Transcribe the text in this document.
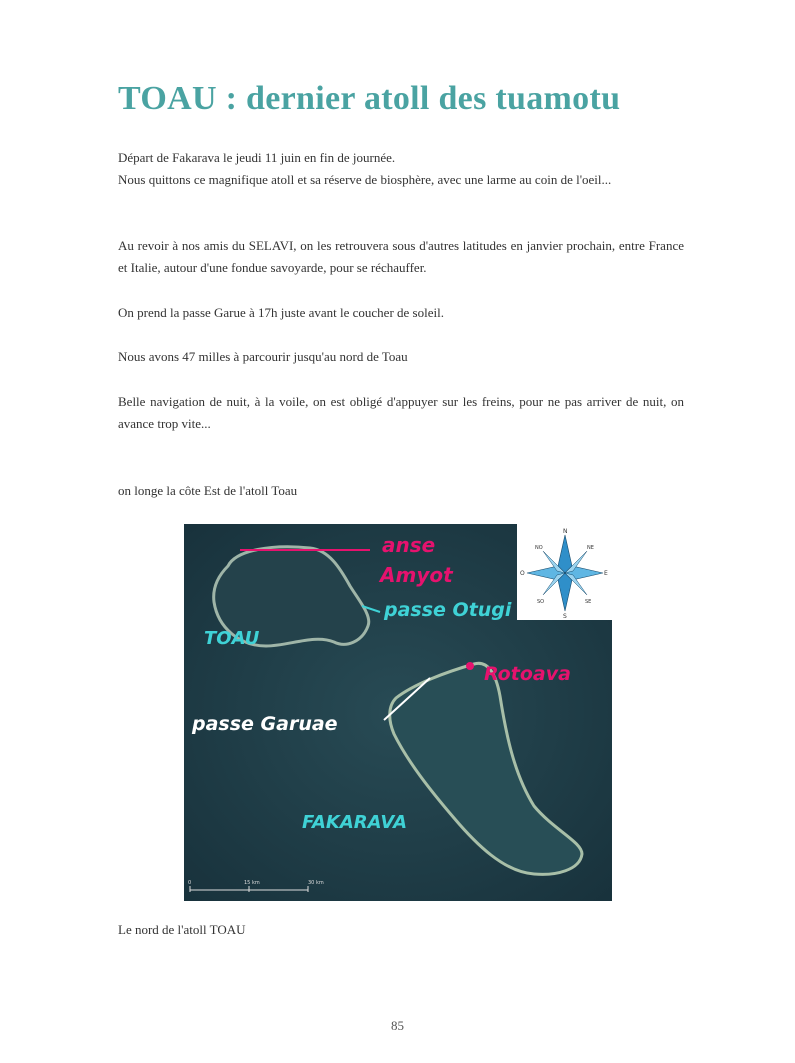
TOAU : dernier atoll des tuamotu

Départ de Fakarava le jeudi 11 juin en fin de journée.

Nous quittons ce magnifique atoll et sa réserve de biosphère, avec une larme au coin de l'oeil...

Au revoir à nos amis du SELAVI, on les retrouvera sous d'autres latitudes en janvier prochain, entre France et Italie, autour d'une fondue savoyarde, pour se réchauffer.

On prend la passe Garue à 17h juste avant le coucher de soleil.

Nous avons 47 milles à parcourir jusqu'au nord de Toau

Belle navigation de nuit, à la voile, on est obligé d'appuyer sur les freins, pour ne pas arriver de nuit, on avance trop vite...

on longe la côte Est de l'atoll Toau

anse
Amyot
passe Otugi
TOAU
Rotoava
passe Garuae
FAKARAVA
N
S
E
O
NE
NO
SE
SO
0	15 km	30 km

Le nord de l'atoll TOAU

85
